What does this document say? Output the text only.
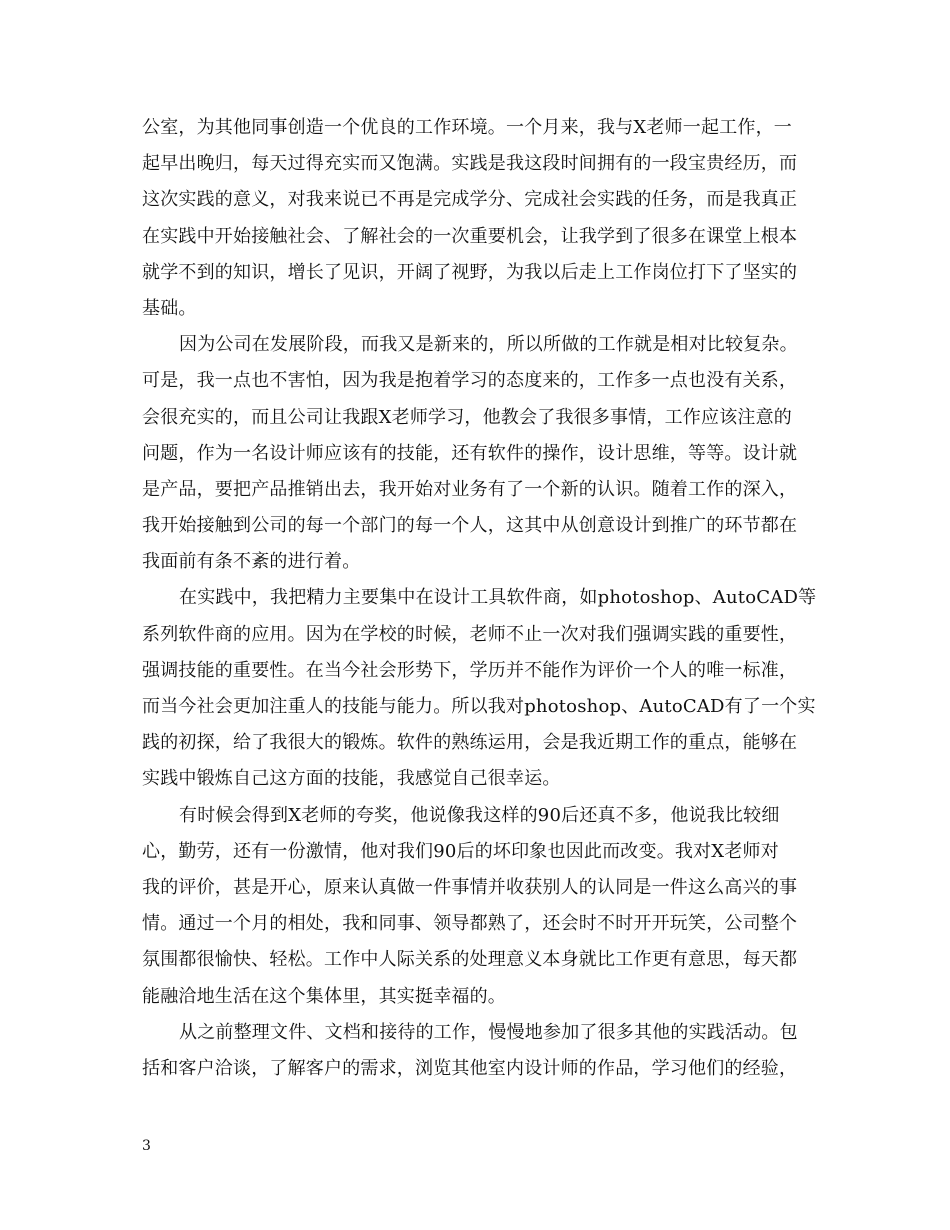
公室，为其他同事创造一个优良的工作环境。一个月来，我与X老师一起工作，一
起早出晚归，每天过得充实而又饱满。实践是我这段时间拥有的一段宝贵经历，而
这次实践的意义，对我来说已不再是完成学分、完成社会实践的任务，而是我真正
在实践中开始接触社会、了解社会的一次重要机会，让我学到了很多在课堂上根本
就学不到的知识，增长了见识，开阔了视野，为我以后走上工作岗位打下了坚实的
基础。
因为公司在发展阶段，而我又是新来的，所以所做的工作就是相对比较复杂。
可是，我一点也不害怕，因为我是抱着学习的态度来的，工作多一点也没有关系，
会很充实的，而且公司让我跟X老师学习，他教会了我很多事情，工作应该注意的
问题，作为一名设计师应该有的技能，还有软件的操作，设计思维，等等。设计就
是产品，要把产品推销出去，我开始对业务有了一个新的认识。随着工作的深入，
我开始接触到公司的每一个部门的每一个人，这其中从创意设计到推广的环节都在
我面前有条不紊的进行着。
在实践中，我把精力主要集中在设计工具软件商，如photoshop、AutoCAD等
系列软件商的应用。因为在学校的时候，老师不止一次对我们强调实践的重要性，
强调技能的重要性。在当今社会形势下，学历并不能作为评价一个人的唯一标准，
而当今社会更加注重人的技能与能力。所以我对photoshop、AutoCAD有了一个实
践的初探，给了我很大的锻炼。软件的熟练运用，会是我近期工作的重点，能够在
实践中锻炼自己这方面的技能，我感觉自己很幸运。
有时候会得到X老师的夸奖，他说像我这样的90后还真不多，他说我比较细
心，勤劳，还有一份激情，他对我们90后的坏印象也因此而改变。我对X老师对
我的评价，甚是开心，原来认真做一件事情并收获别人的认同是一件这么高兴的事
情。通过一个月的相处，我和同事、领导都熟了，还会时不时开开玩笑，公司整个
氛围都很愉快、轻松。工作中人际关系的处理意义本身就比工作更有意思，每天都
能融洽地生活在这个集体里，其实挺幸福的。
从之前整理文件、文档和接待的工作，慢慢地参加了很多其他的实践活动。包
括和客户洽谈，了解客户的需求，浏览其他室内设计师的作品，学习他们的经验，
3
